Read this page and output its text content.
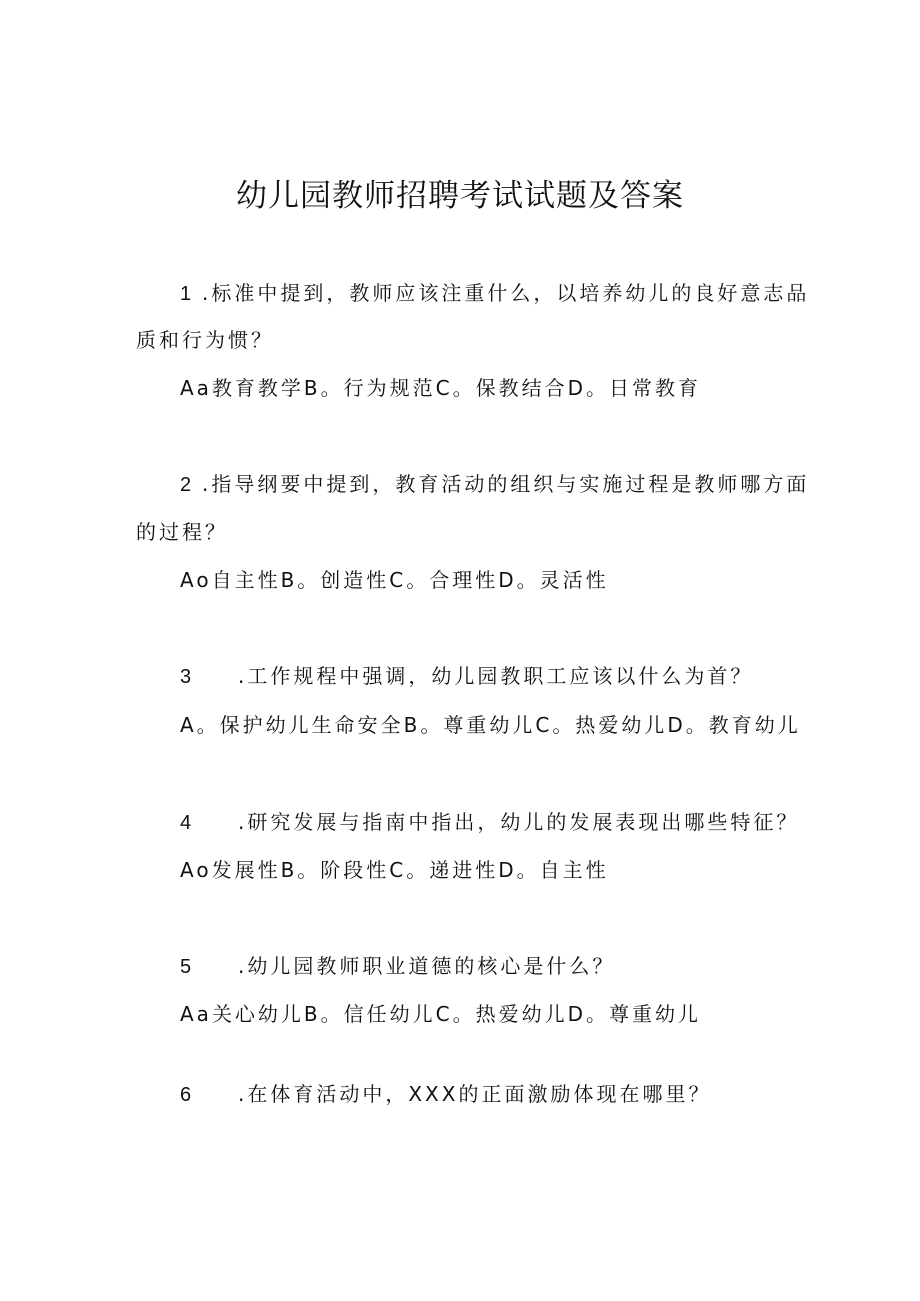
幼儿园教师招聘考试试题及答案
1 .标准中提到，教师应该注重什么，以培养幼儿的良好意志品
质和行为惯？
Aa教育教学B。行为规范C。保教结合D。日常教育
2 .指导纲要中提到，教育活动的组织与实施过程是教师哪方面
的过程？
Ao自主性B。创造性C。合理性D。灵活性
3 .工作规程中强调，幼儿园教职工应该以什么为首？
A。保护幼儿生命安全B。尊重幼儿C。热爱幼儿D。教育幼儿
4 .研究发展与指南中指出，幼儿的发展表现出哪些特征？
Ao发展性B。阶段性C。递进性D。自主性
5 .幼儿园教师职业道德的核心是什么？
Aa关心幼儿B。信任幼儿C。热爱幼儿D。尊重幼儿
6 .在体育活动中，XXX的正面激励体现在哪里？
